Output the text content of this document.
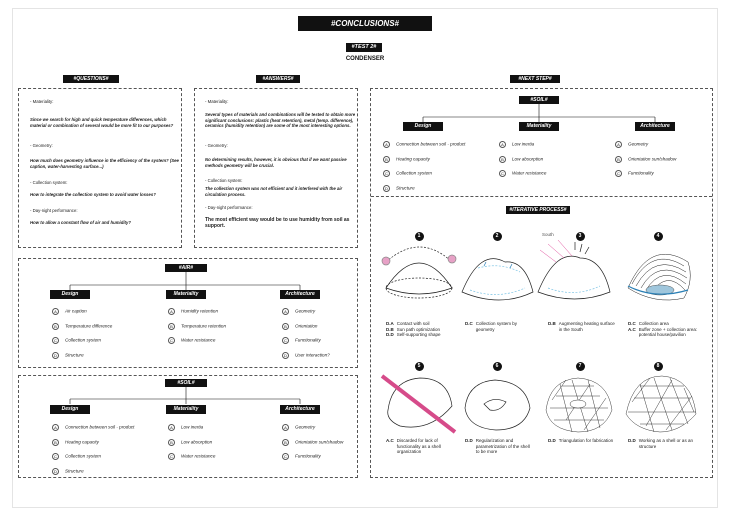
#CONCLUSIONS#
#TEST 2#
CONDENSER
#QUESTIONS#
- Materiality:
Since we search for high and quick temperature differences, which material or combination of several would be more fit to our purposes?
- Geometry:
How much does geometry influence in the efficiency of the system? (See caption, water-harvesting surface...)
- Collection system:
How to integrate the collection system to avoid water losses?
- Day-night performance:
How to allow a constant flow of air and humidity?
#ANSWERS#
- Materiality:
Several types of materials and combinations will be tested to obtain more significant conclusions: plastic (heat retention), metal (temp. difference), ceramics (humidity retention) are some of the most interesting options.
- Geometry:
No determining results, however, it is obvious that if we want passive methods geometry will be crucial.
- Collection system:
The collection system was not efficient and it interfered with the air circulation process.
- Day-night performance:
The most efficient way would be to use humidity from soil as support.
#AIR#
Design
A Air caption
B Temperature difference
C Collection system
D Structure
Materiality
A Humidity retention
B Temperature retention
C Water resistance
Architecture
A Geometry
B Orientation
C Functionality
D User interaction?
#SOIL#
Design
A Connection between soil - product
B Heating capacity
C Collection system
D Structure
Materiality
A Low inertia
B Low absorption
C Water resistance
Architecture
A Geometry
B Orientation sun/shadow
C Functionality
#NEXT STEP#
#SOIL#
Design
A Connection between soil - product
B Heating capacity
C Collection system
D Structure
Materiality
A Low inertia
B Low absorption
C Water resistance
Architecture
A Geometry
B Orientation sun/shadow
C Functionality
#ITERATIVE PROCESS#
South
1
D.A Contact with soil
D.B Sun path optimization
D.D Self-supporting shape
2
D.C Collection system by geometry
3
D.B Augmenting heating surface in the South
4
D.C Collection area
A.C Buffer zone + collection area: potential house/pavilion
5
A.C Discarded for lack of functionality as a shell organization
6
D.D Regularization and parametrization of the shell to be more
7
D.D Triangulation for fabrication
8
D.D Working as a shell or as an structure
